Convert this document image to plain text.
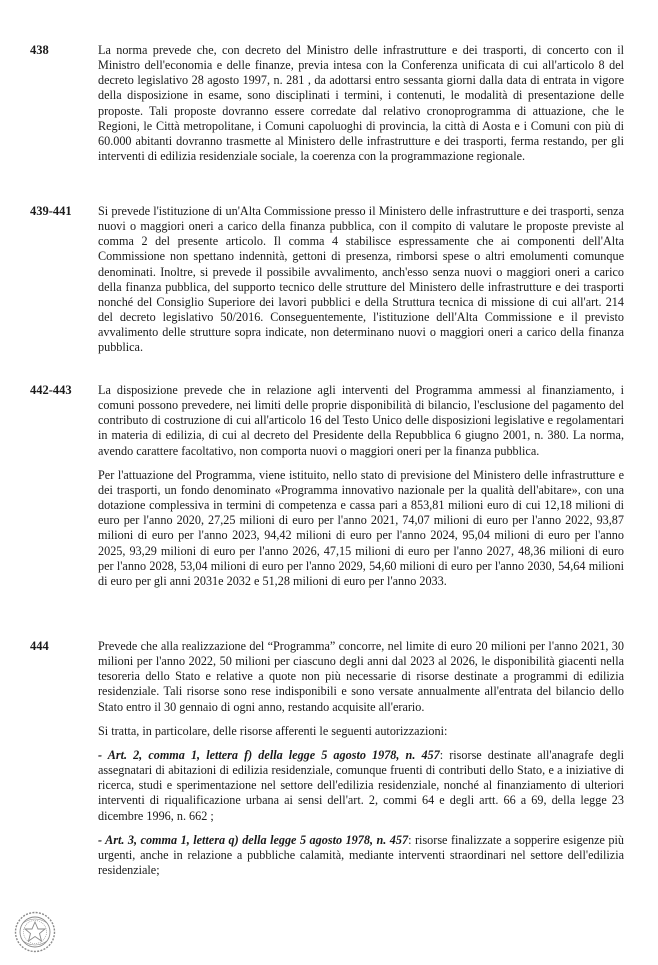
438	La norma prevede che, con decreto del Ministro delle infrastrutture e dei trasporti, di concerto con il Ministro dell'economia e delle finanze, previa intesa con la Conferenza unificata di cui all'articolo 8 del decreto legislativo 28 agosto 1997, n. 281 , da adottarsi entro sessanta giorni dalla data di entrata in vigore della disposizione in esame, sono disciplinati i termini, i contenuti, le modalità di presentazione delle proposte. Tali proposte dovranno essere corredate dal relativo cronoprogramma di attuazione, che le Regioni, le Città metropolitane, i Comuni capoluoghi di provincia, la città di Aosta e i Comuni con più di 60.000 abitanti dovranno trasmette al Ministero delle infrastrutture e dei trasporti, ferma restando, per gli interventi di edilizia residenziale sociale, la coerenza con la programmazione regionale.

439-441 Si prevede l'istituzione di un'Alta Commissione presso il Ministero delle infrastrutture e dei trasporti, senza nuovi o maggiori oneri a carico della finanza pubblica, con il compito di valutare le proposte previste al comma 2 del presente articolo. Il comma 4 stabilisce espressamente che ai componenti dell'Alta Commissione non spettano indennità, gettoni di presenza, rimborsi spese o altri emolumenti comunque denominati. Inoltre, si prevede il possibile avvalimento, anch'esso senza nuovi o maggiori oneri a carico della finanza pubblica, del supporto tecnico delle strutture del Ministero delle infrastrutture e dei trasporti nonché del Consiglio Superiore dei lavori pubblici e della Struttura tecnica di missione di cui all'art. 214 del decreto legislativo 50/2016. Conseguentemente, l'istituzione dell'Alta Commissione e il previsto avvalimento delle strutture sopra indicate, non determinano nuovi o maggiori oneri a carico della finanza pubblica.

442-443 La disposizione prevede che in relazione agli interventi del Programma ammessi al finanziamento, i comuni possono prevedere, nei limiti delle proprie disponibilità di bilancio, l'esclusione del pagamento del contributo di costruzione di cui all'articolo 16 del Testo Unico delle disposizioni legislative e regolamentari in materia di edilizia, di cui al decreto del Presidente della Repubblica 6 giugno 2001, n. 380. La norma, avendo carattere facoltativo, non comporta nuovi o maggiori oneri per la finanza pubblica.

Per l'attuazione del Programma, viene istituito, nello stato di previsione del Ministero delle infrastrutture e dei trasporti, un fondo denominato «Programma innovativo nazionale per la qualità dell'abitare», con una dotazione complessiva in termini di competenza e cassa pari a 853,81 milioni euro di cui 12,18 milioni di euro per l'anno 2020, 27,25 milioni di euro per l'anno 2021, 74,07 milioni di euro per l'anno 2022, 93,87 milioni di euro per l'anno 2023, 94,42 milioni di euro per l'anno 2024, 95,04 milioni di euro per l'anno 2025, 93,29 milioni di euro per l'anno 2026, 47,15 milioni di euro per l'anno 2027, 48,36 milioni di euro per l'anno 2028, 53,04 milioni di euro per l'anno 2029, 54,60 milioni di euro per l'anno 2030, 54,64 milioni di euro per gli anni 2031e 2032 e 51,28 milioni di euro per l'anno 2033.

444	Prevede che alla realizzazione del “Programma” concorre, nel limite di euro 20 milioni per l'anno 2021, 30 milioni per l'anno 2022, 50 milioni per ciascuno degli anni dal 2023 al 2026, le disponibilità giacenti nella tesoreria dello Stato e relative a quote non più necessarie di risorse destinate a programmi di edilizia residenziale. Tali risorse sono rese indisponibili e sono versate annualmente all'entrata del bilancio dello Stato entro il 30 gennaio di ogni anno, restando acquisite all'erario.

Si tratta, in particolare, delle risorse afferenti le seguenti autorizzazioni:

- Art. 2, comma 1, lettera f) della legge 5 agosto 1978, n. 457: risorse destinate all'anagrafe degli assegnatari di abitazioni di edilizia residenziale, comunque fruenti di contributi dello Stato, e a iniziative di ricerca, studi e sperimentazione nel settore dell'edilizia residenziale, nonché al finanziamento di ulteriori interventi di riqualificazione urbana ai sensi dell'art. 2, commi 64 e degli artt. 66 a 69, della legge 23 dicembre 1996, n. 662 ;

- Art. 3, comma 1, lettera q) della legge 5 agosto 1978, n. 457: risorse finalizzate a sopperire esigenze più urgenti, anche in relazione a pubbliche calamità, mediante interventi straordinari nel settore dell'edilizia residenziale;
